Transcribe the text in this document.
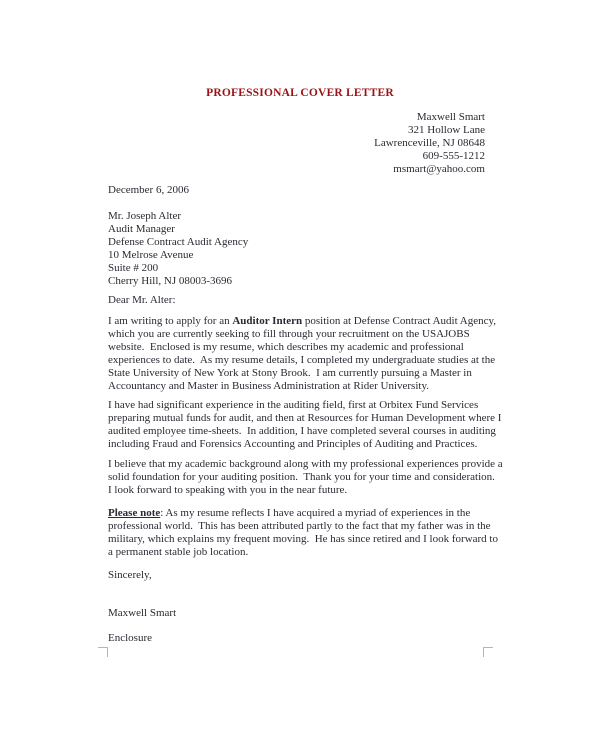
PROFESSIONAL COVER LETTER
Maxwell Smart
321 Hollow Lane
Lawrenceville, NJ 08648
609-555-1212
msmart@yahoo.com
December 6, 2006
Mr. Joseph Alter
Audit Manager
Defense Contract Audit Agency
10 Melrose Avenue
Suite # 200
Cherry Hill, NJ 08003-3696
Dear Mr. Alter:
I am writing to apply for an Auditor Intern position at Defense Contract Audit Agency,
which you are currently seeking to fill through your recruitment on the USAJOBS
website.  Enclosed is my resume, which describes my academic and professional
experiences to date.  As my resume details, I completed my undergraduate studies at the
State University of New York at Stony Brook.  I am currently pursuing a Master in
Accountancy and Master in Business Administration at Rider University.
I have had significant experience in the auditing field, first at Orbitex Fund Services
preparing mutual funds for audit, and then at Resources for Human Development where I
audited employee time-sheets.  In addition, I have completed several courses in auditing
including Fraud and Forensics Accounting and Principles of Auditing and Practices.
I believe that my academic background along with my professional experiences provide a
solid foundation for your auditing position.  Thank you for your time and consideration.
I look forward to speaking with you in the near future.
Please note: As my resume reflects I have acquired a myriad of experiences in the
professional world.  This has been attributed partly to the fact that my father was in the
military, which explains my frequent moving.  He has since retired and I look forward to
a permanent stable job location.
Sincerely,
Maxwell Smart
Enclosure
